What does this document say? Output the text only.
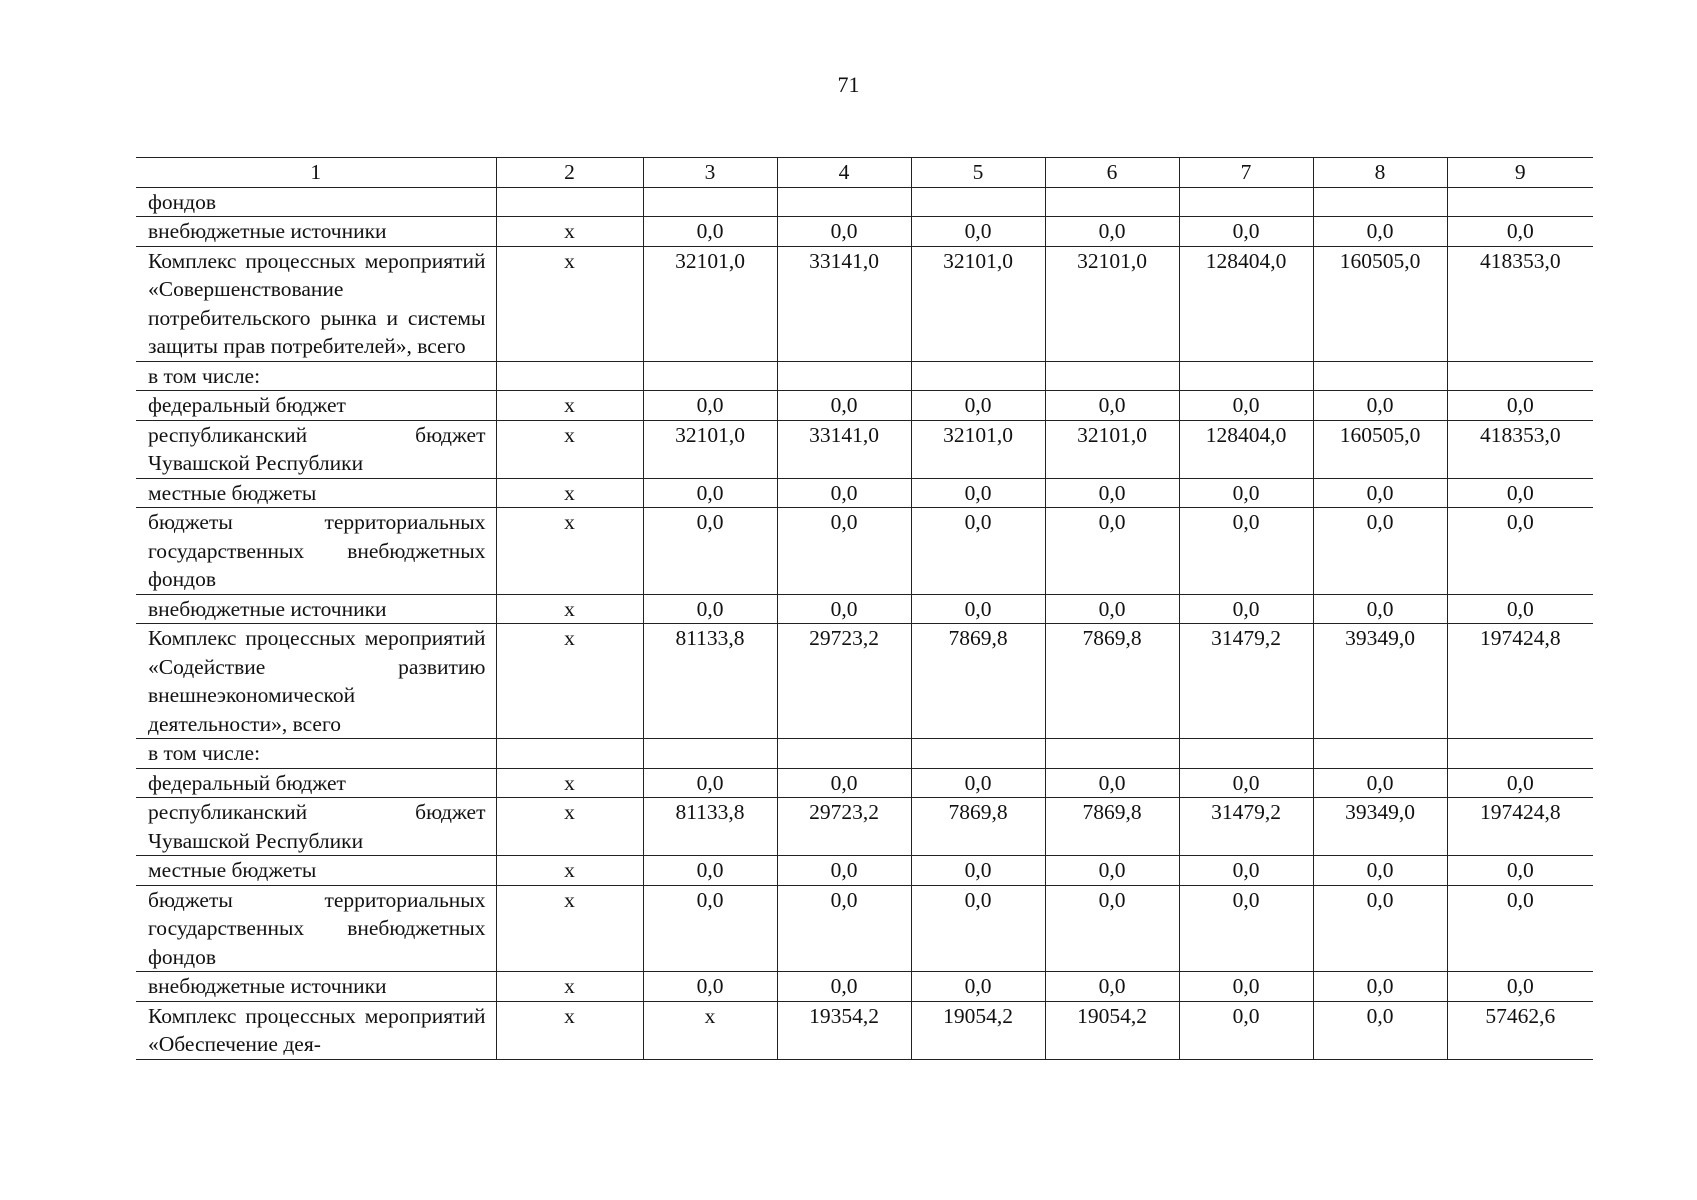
71
1	2	3	4	5	6	7	8	9
фондов								
внебюджетные источники	х	0,0	0,0	0,0	0,0	0,0	0,0	0,0
Комплекс процессных мероприятий «Совершенствование потребительского рынка и системы защиты прав потребителей», всего	х	32101,0	33141,0	32101,0	32101,0	128404,0	160505,0	418353,0
в том числе:								
федеральный бюджет	х	0,0	0,0	0,0	0,0	0,0	0,0	0,0
республиканский бюджет Чувашской Республики	х	32101,0	33141,0	32101,0	32101,0	128404,0	160505,0	418353,0
местные бюджеты	х	0,0	0,0	0,0	0,0	0,0	0,0	0,0
бюджеты территориальных государственных внебюджетных фондов	х	0,0	0,0	0,0	0,0	0,0	0,0	0,0
внебюджетные источники	х	0,0	0,0	0,0	0,0	0,0	0,0	0,0
Комплекс процессных мероприятий «Содействие развитию внешнеэкономической деятельности», всего	х	81133,8	29723,2	7869,8	7869,8	31479,2	39349,0	197424,8
в том числе:								
федеральный бюджет	х	0,0	0,0	0,0	0,0	0,0	0,0	0,0
республиканский бюджет Чувашской Республики	х	81133,8	29723,2	7869,8	7869,8	31479,2	39349,0	197424,8
местные бюджеты	х	0,0	0,0	0,0	0,0	0,0	0,0	0,0
бюджеты территориальных государственных внебюджетных фондов	х	0,0	0,0	0,0	0,0	0,0	0,0	0,0
внебюджетные источники	х	0,0	0,0	0,0	0,0	0,0	0,0	0,0
Комплекс процессных мероприятий «Обеспечение дея-	х	х	19354,2	19054,2	19054,2	0,0	0,0	57462,6
